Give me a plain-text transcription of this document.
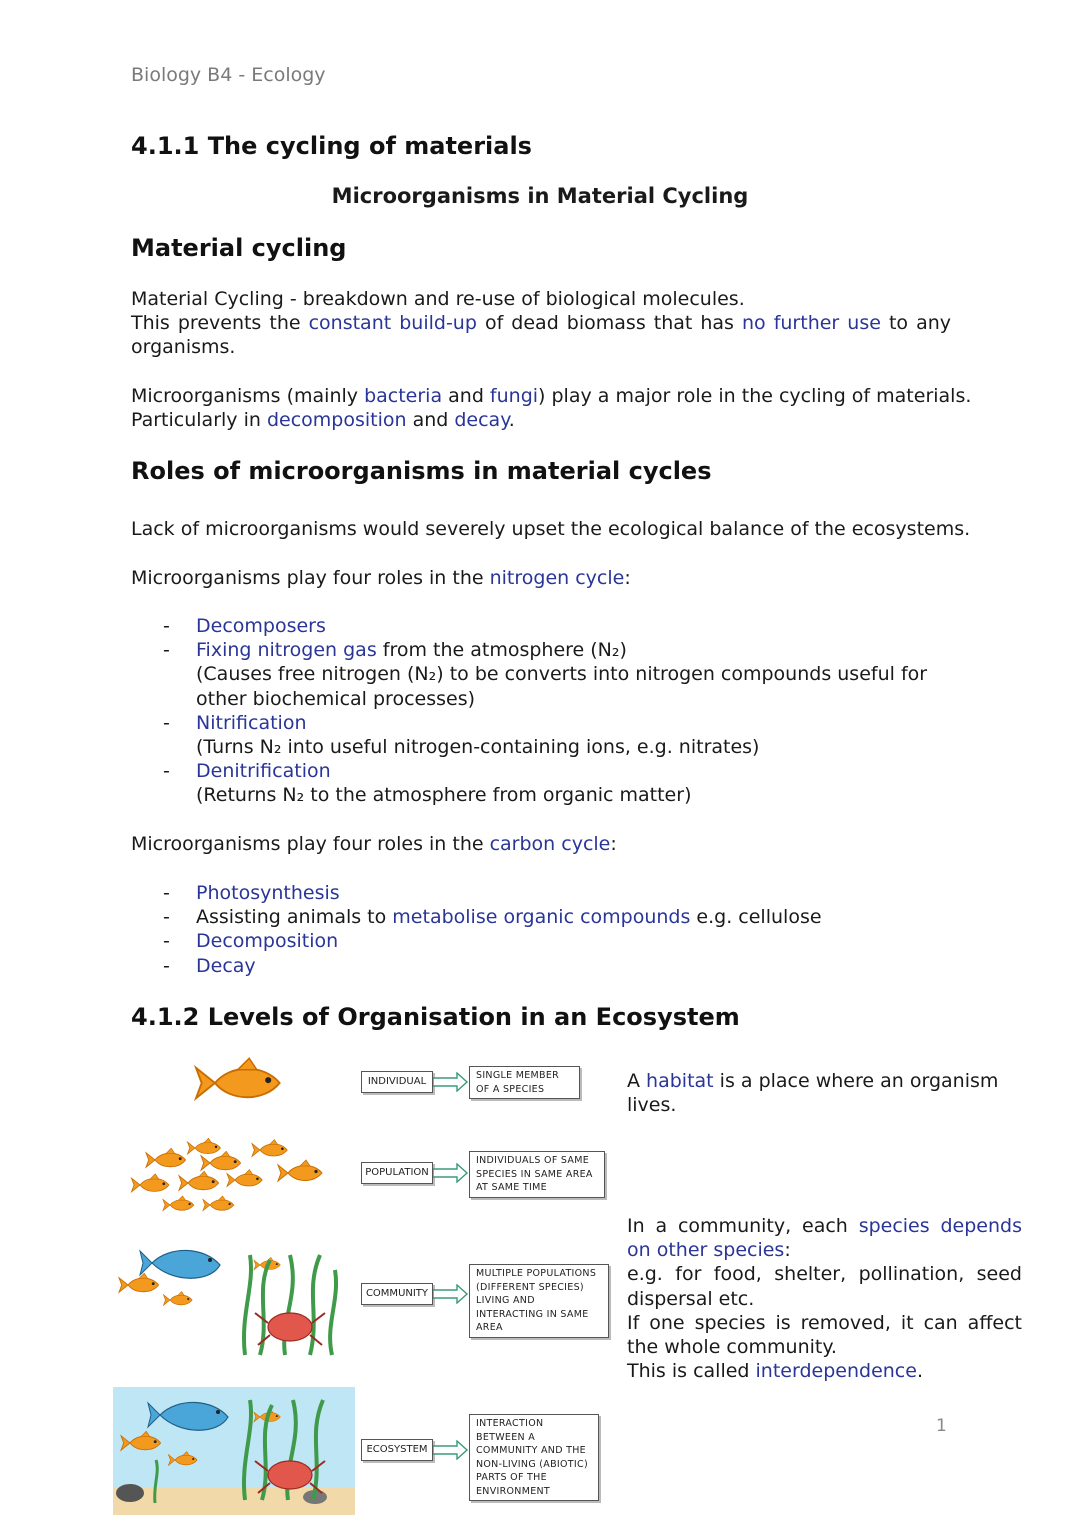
Biology B4 - Ecology
4.1.1 The cycling of materials
Microorganisms in Material Cycling
Material cycling

Material Cycling - breakdown and re-use of biological molecules.

This prevents the constant build-up of dead biomass that has no further use to any organisms.

Microorganisms (mainly bacteria and fungi) play a major role in the cycling of materials.

Particularly in decomposition and decay.

Roles of microorganisms in material cycles
Lack of microorganisms would severely upset the ecological balance of the ecosystems.
Microorganisms play four roles in the nitrogen cycle:
- Decomposers
- Fixing nitrogen gas from the atmosphere (N₂)
(Causes free nitrogen (N₂) to be converts into nitrogen compounds useful for other biochemical processes)
- Nitrification
(Turns N₂ into useful nitrogen-containing ions, e.g. nitrates)
- Denitrification
(Returns N₂ to the atmosphere from organic matter)
Microorganisms play four roles in the carbon cycle:
- Photosynthesis
- Assisting animals to metabolise organic compounds e.g. cellulose
- Decomposition
- Decay
4.1.2 Levels of Organisation in an Ecosystem
INDIVIDUAL
SINGLE MEMBER OF A SPECIES
POPULATION
INDIVIDUALS OF SAME SPECIES IN SAME AREA AT SAME TIME
COMMUNITY
MULTIPLE POPULATIONS (DIFFERENT SPECIES) LIVING AND INTERACTING IN SAME AREA
ECOSYSTEM
INTERACTION BETWEEN A COMMUNITY AND THE NON-LIVING (ABIOTIC) PARTS OF THE ENVIRONMENT
A habitat is a place where an organism lives.
In a community, each species depends on other species:
e.g. for food, shelter, pollination, seed dispersal etc.
If one species is removed, it can affect the whole community.
This is called interdependence.
1
